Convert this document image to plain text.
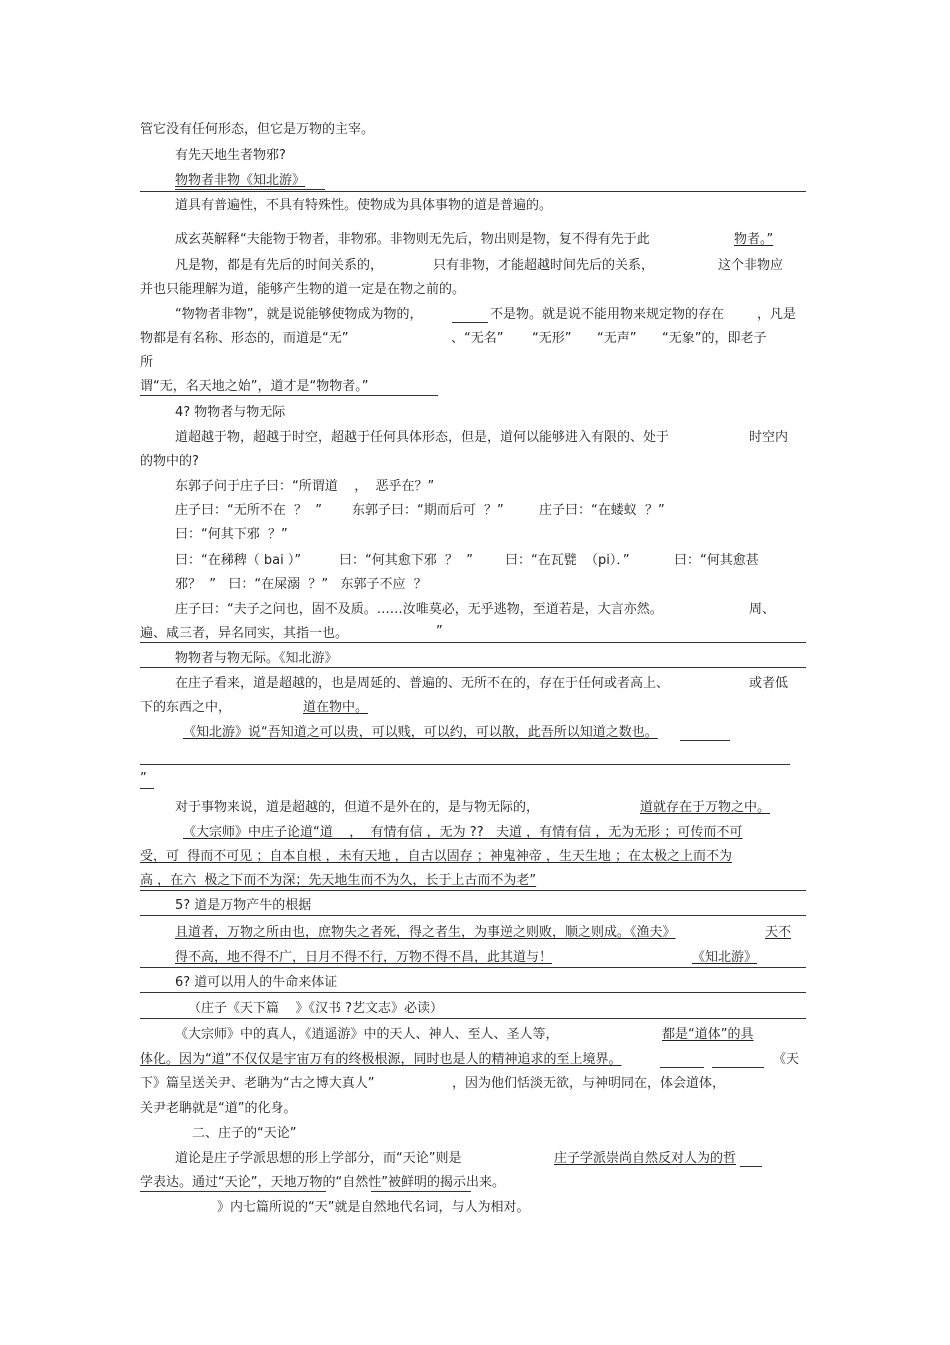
管它没有任何形态，但它是万物的主宰。
有先天地生者物邪?
物物者非物《知北游》
道具有普遍性，不具有特殊性。使物成为具体事物的道是普遍的。
成玄英解释“夫能物于物者，非物邪。非物则无先后，物出则是物，复不得有先于此	物者。”
凡是物，都是有先后的时间关系的，	只有非物，才能超越时间先后的关系，	这个非物应
并也只能理解为道，能够产生物的道一定是在物之前的。
“物物者非物”，就是说能够使物成为物的，	不是物。就是说不能用物来规定物的存在	，凡是
物都是有名称、形态的，而道是“无”	、“无名” “无形” “无声” “无象”的，即老子
所
谓“无，名天地之始”，道才是“物物者。”
4? 物物者与物无际
道超越于物，超越于时空，超越于任何具体形态，但是，道何以能够进入有限的、处于	时空内
的物中的?
东郭子问于庄子曰：“所谓道    ，  恶乎在？”
庄子曰：“无所不在  ？  ” 东郭子曰：“期而后可  ？”	庄子曰：“在蝼蚁  ？”
曰：“何其下邪  ？”
曰：“在稊稗（ bai ）”	曰：“何其愈下邪  ？  ” 曰：“在瓦甓  （pi）．”	曰：“何其愈甚
邪？  ”   曰：“在屎溺  ？”   东郭子不应  ？
庄子曰：“夫子之问也，固不及质。……汝唯莫必，无乎逃物，至道若是，大言亦然。	周、
遍、咸三者，异名同实，其指一也。	”
物物者与物无际。《知北游》
在庄子看来，道是超越的，也是周延的、普遍的、无所不在的，存在于任何或者高上、	或者低
下的东西之中，	道在物中。
《知北游》说“吾知道之可以贵，可以贱，可以约，可以散，此吾所以知道之数也。
”
对于事物来说，道是超越的，但道不是外在的，是与物无际的，	道就存在于万物之中。
《大宗师》中庄子论道“道    ，  有情有信 ，无为 ??   夫道 ，有情有信 ，无为无形 ；可传而不可
受，可  得而不可见 ；自本自根 ，未有天地 ，自古以固存 ；神鬼神帝 ，生天生地 ；在太极之上而不为
高 ，在六  极之下而不为深；先天地生而不为久，长于上古而不为老”
5? 道是万物产牛的根据
且道者，万物之所由也，庶物失之者死，得之者生，为事逆之则败，顺之则成。《渔夫》	天不
得不高，地不得不广，日月不得不行，万物不得不昌，此其道与！	《知北游》
6? 道可以用人的牛命来体证
（庄子《天下篇    》《汉书 ?艺文志》必读）
《大宗师》中的真人，《逍遥游》中的天人、神人、至人、圣人等，	都是“道体”的具
体化。因为“道”不仅仅是宇宙万有的终极根源，同时也是人的精神追求的至上境界。	《天
下》篇呈送关尹、老聃为“古之博大真人”	，因为他们恬淡无欲，与神明同在，体会道体，
关尹老聃就是“道”的化身。
二、庄子的“天论”
道论是庄子学派思想的形上学部分，而“天论”则是	庄子学派崇尚自然反对人为的哲
学表达。通过“天论”，天地万物的“自然性”被鲜明的揭示出来。
》内七篇所说的“天”就是自然地代名词，与人为相对。
